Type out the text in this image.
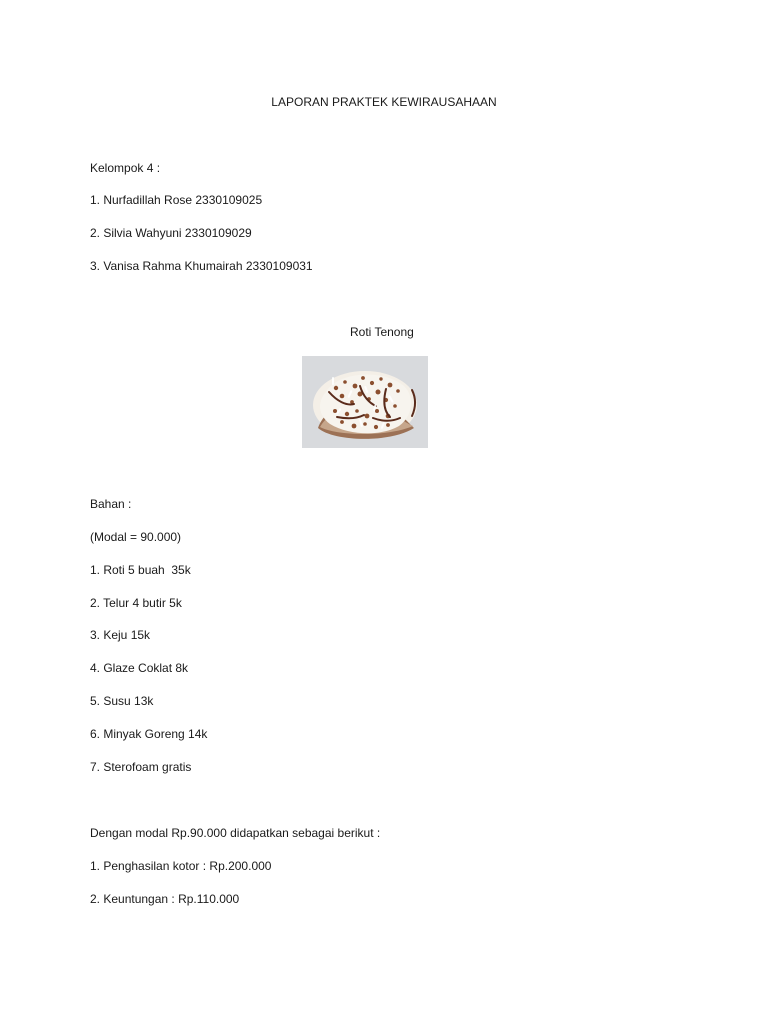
LAPORAN PRAKTEK KEWIRAUSAHAAN
Kelompok 4 :
1. Nurfadillah Rose 2330109025
2. Silvia Wahyuni 2330109029
3. Vanisa Rahma Khumairah 2330109031
Roti Tenong
Bahan :
(Modal = 90.000)
1. Roti 5 buah  35k
2. Telur 4 butir 5k
3. Keju 15k
4. Glaze Coklat 8k
5. Susu 13k
6. Minyak Goreng 14k
7. Sterofoam gratis
Dengan modal Rp.90.000 didapatkan sebagai berikut :
1. Penghasilan kotor : Rp.200.000
2. Keuntungan : Rp.110.000
